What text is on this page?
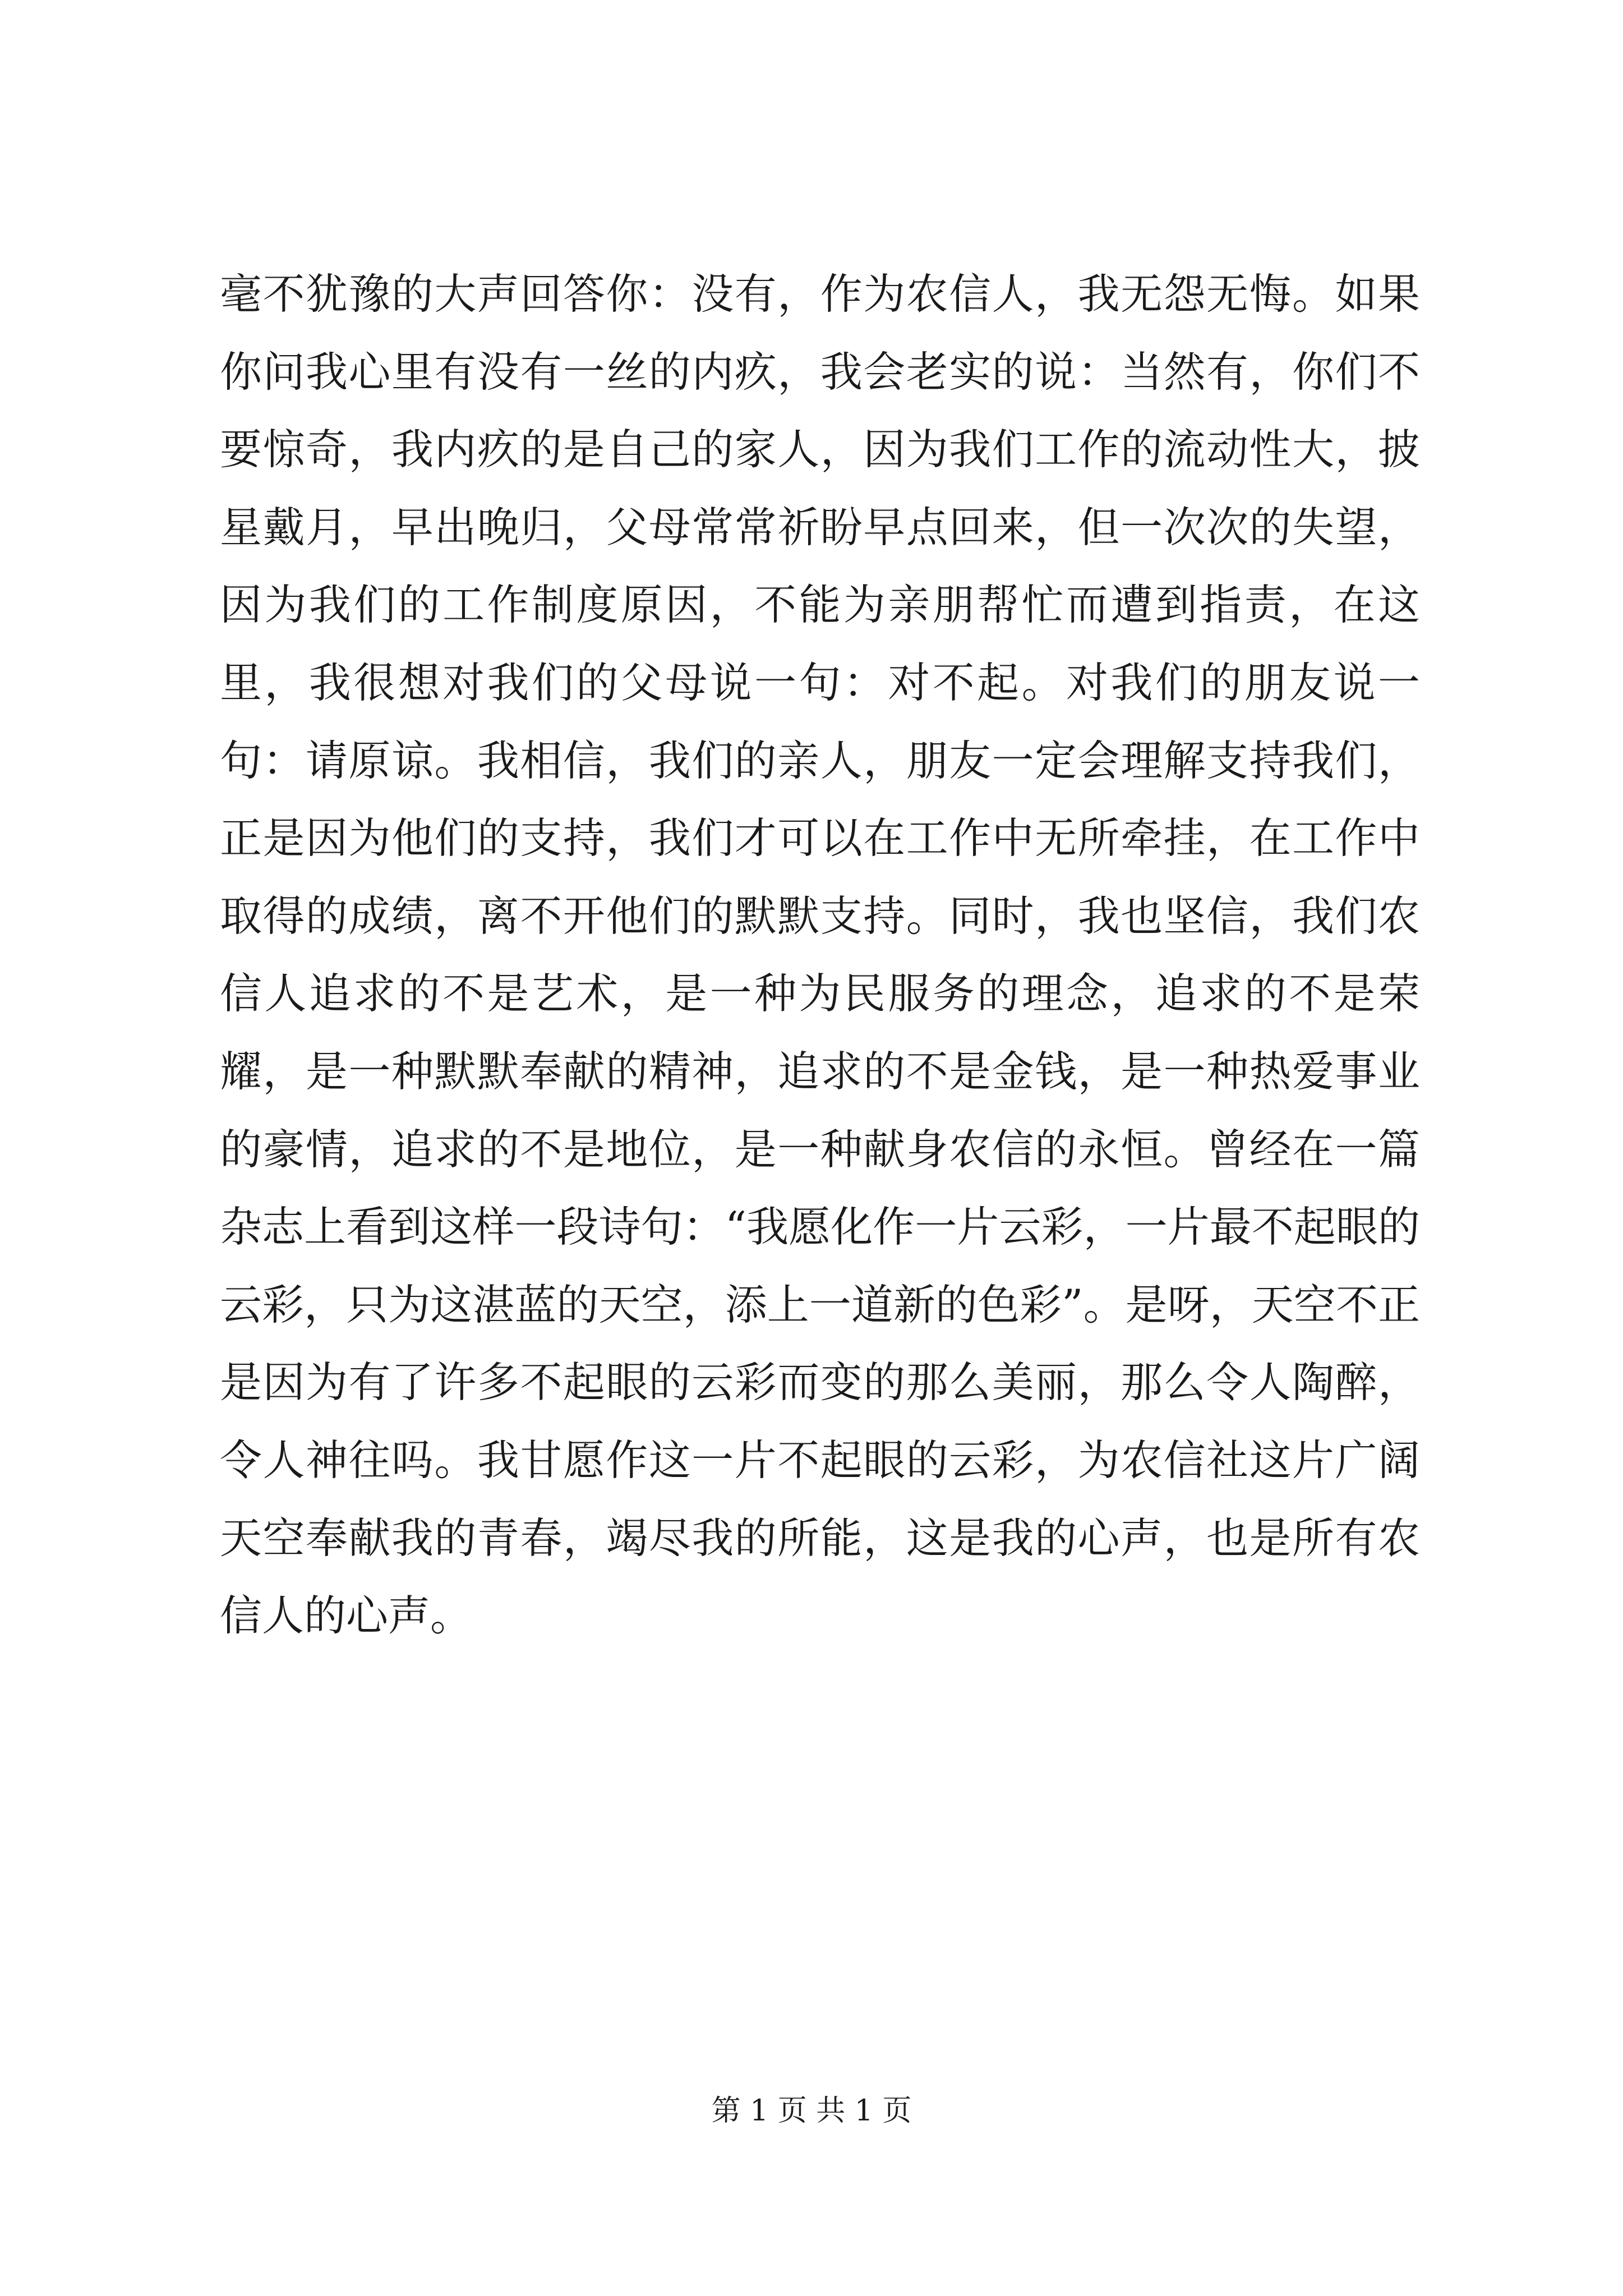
毫不犹豫的大声回答你：没有，作为农信人，我无怨无悔。如果你问我心里有没有一丝的内疚，我会老实的说：当然有，你们不要惊奇，我内疚的是自己的家人，因为我们工作的流动性大，披星戴月，早出晚归，父母常常祈盼早点回来，但一次次的失望，因为我们的工作制度原因，不能为亲朋帮忙而遭到指责，在这里，我很想对我们的父母说一句：对不起。对我们的朋友说一句：请原谅。我相信，我们的亲人，朋友一定会理解支持我们，正是因为他们的支持，我们才可以在工作中无所牵挂，在工作中取得的成绩，离不开他们的默默支持。同时，我也坚信，我们农信人追求的不是艺术，是一种为民服务的理念，追求的不是荣耀，是一种默默奉献的精神，追求的不是金钱，是一种热爱事业的豪情，追求的不是地位，是一种献身农信的永恒。曾经在一篇杂志上看到这样一段诗句：“我愿化作一片云彩，一片最不起眼的云彩，只为这湛蓝的天空，添上一道新的色彩”。是呀，天空不正是因为有了许多不起眼的云彩而变的那么美丽，那么令人陶醉，令人神往吗。我甘愿作这一片不起眼的云彩，为农信社这片广阔天空奉献我的青春，竭尽我的所能，这是我的心声，也是所有农信人的心声。

第 1 页 共 1 页
